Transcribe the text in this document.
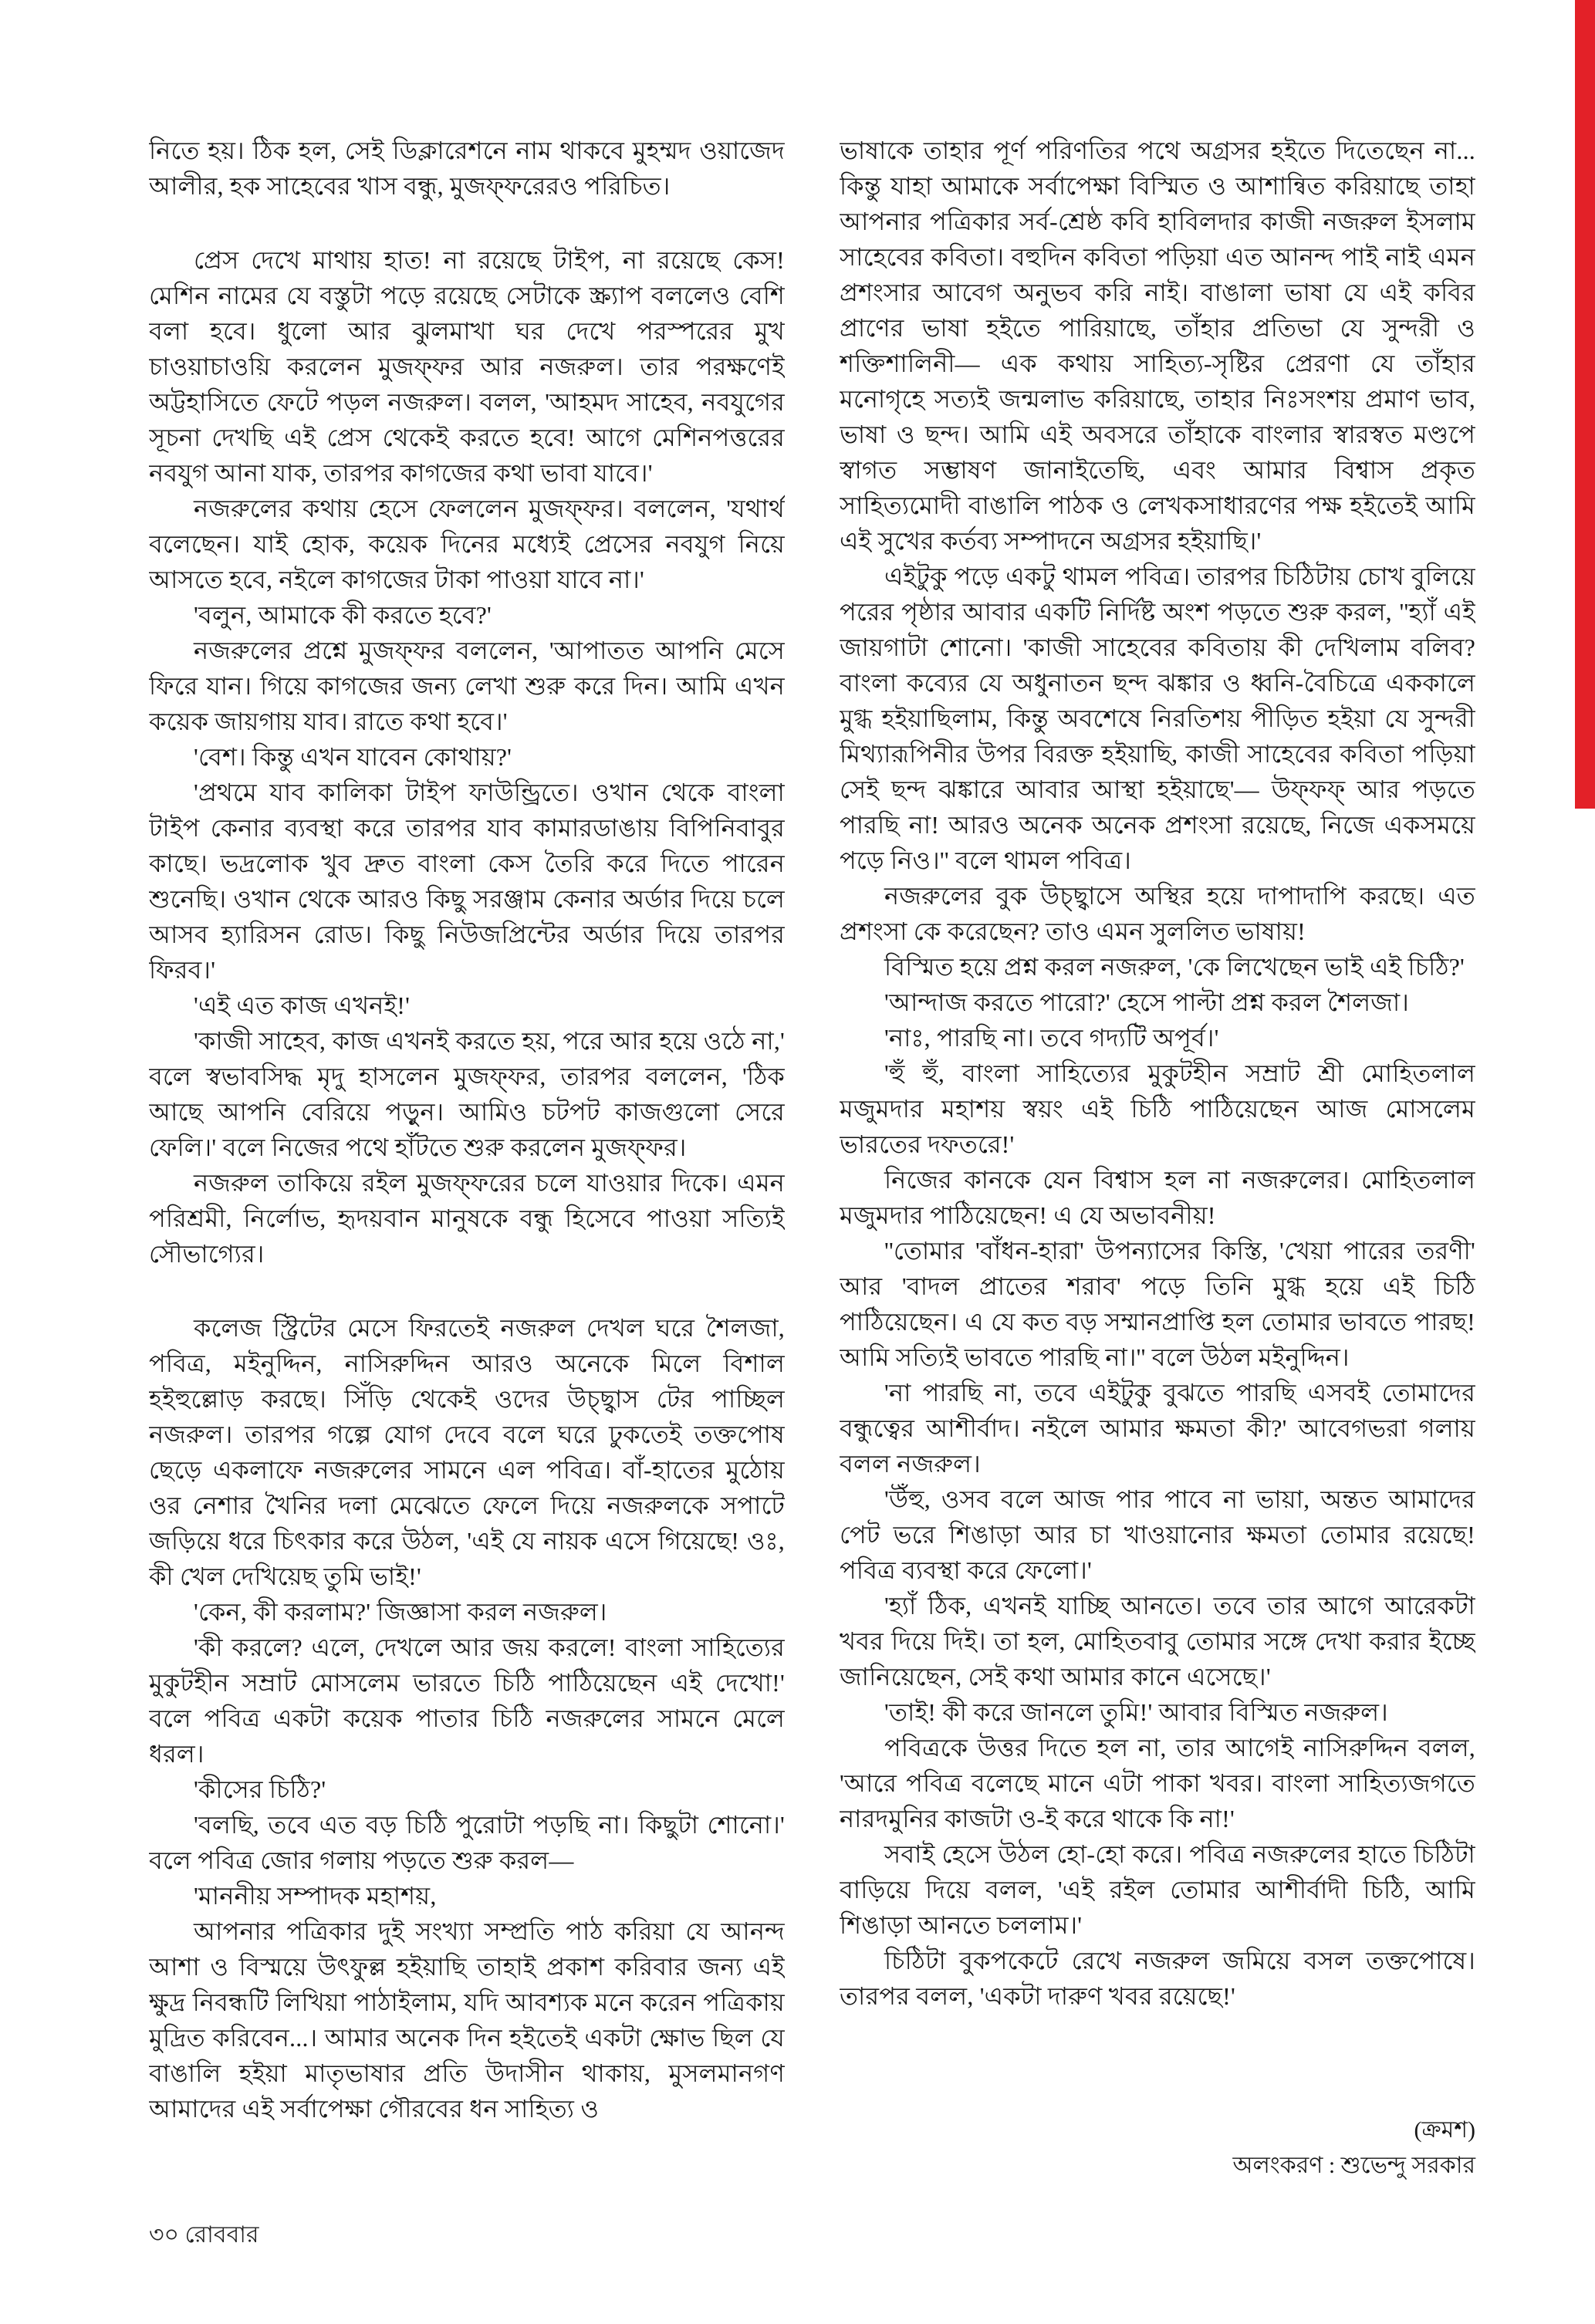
নিতে হয়। ঠিক হল, সেই ডিক্লারেশনে নাম থাকবে মুহম্মদ ওয়াজেদ আলীর, হক সাহেবের খাস বন্ধু, মুজফ্ফরেরও পরিচিত।

প্রেস দেখে মাথায় হাত! না রয়েছে টাইপ, না রয়েছে কেস! মেশিন নামের যে বস্তুটা পড়ে রয়েছে সেটাকে স্ক্র্যাপ বললেও বেশি বলা হবে। ধুলো আর ঝুলমাখা ঘর দেখে পরস্পরের মুখ চাওয়াচাওয়ি করলেন মুজফ্ফর আর নজরুল। তার পরক্ষণেই অট্টহাসিতে ফেটে পড়ল নজরুল। বলল, 'আহমদ সাহেব, নবযুগের সূচনা দেখছি এই প্রেস থেকেই করতে হবে! আগে মেশিনপত্তরের নবযুগ আনা যাক, তারপর কাগজের কথা ভাবা যাবে।'

নজরুলের কথায় হেসে ফেললেন মুজফ্ফর। বললেন, 'যথার্থ বলেছেন। যাই হোক, কয়েক দিনের মধ্যেই প্রেসের নবযুগ নিয়ে আসতে হবে, নইলে কাগজের টাকা পাওয়া যাবে না।'

'বলুন, আমাকে কী করতে হবে?'

নজরুলের প্রশ্নে মুজফ্ফর বললেন, 'আপাতত আপনি মেসে ফিরে যান। গিয়ে কাগজের জন্য লেখা শুরু করে দিন। আমি এখন কয়েক জায়গায় যাব। রাতে কথা হবে।'

'বেশ। কিন্তু এখন যাবেন কোথায়?'

'প্রথমে যাব কালিকা টাইপ ফাউন্ড্রিতে। ওখান থেকে বাংলা টাইপ কেনার ব্যবস্থা করে তারপর যাব কামারডাঙায় বিপিনিবাবুর কাছে। ভদ্রলোক খুব দ্রুত বাংলা কেস তৈরি করে দিতে পারেন শুনেছি। ওখান থেকে আরও কিছু সরঞ্জাম কেনার অর্ডার দিয়ে চলে আসব হ্যারিসন রোড। কিছু নিউজপ্রিন্টের অর্ডার দিয়ে তারপর ফিরব।'

'এই এত কাজ এখনই!'

'কাজী সাহেব, কাজ এখনই করতে হয়, পরে আর হয়ে ওঠে না,' বলে স্বভাবসিদ্ধ মৃদু হাসলেন মুজফ্ফর, তারপর বললেন, 'ঠিক আছে আপনি বেরিয়ে পড়ুন। আমিও চটপট কাজগুলো সেরে ফেলি।' বলে নিজের পথে হাঁটতে শুরু করলেন মুজফ্ফর।

নজরুল তাকিয়ে রইল মুজফ্ফরের চলে যাওয়ার দিকে। এমন পরিশ্রমী, নির্লোভ, হৃদয়বান মানুষকে বন্ধু হিসেবে পাওয়া সত্যিই সৌভাগ্যের।

কলেজ স্ট্রিটের মেসে ফিরতেই নজরুল দেখল ঘরে শৈলজা, পবিত্র, মইনুদ্দিন, নাসিরুদ্দিন আরও অনেকে মিলে বিশাল হইহুল্লোড় করছে। সিঁড়ি থেকেই ওদের উচ্ছ্বাস টের পাচ্ছিল নজরুল। তারপর গল্পে যোগ দেবে বলে ঘরে ঢুকতেই তক্তপোষ ছেড়ে একলাফে নজরুলের সামনে এল পবিত্র। বাঁ-হাতের মুঠোয় ওর নেশার খৈনির দলা মেঝেতে ফেলে দিয়ে নজরুলকে সপাটে জড়িয়ে ধরে চিৎকার করে উঠল, 'এই যে নায়ক এসে গিয়েছে! ওঃ, কী খেল দেখিয়েছ তুমি ভাই!'

'কেন, কী করলাম?' জিজ্ঞাসা করল নজরুল।

'কী করলে? এলে, দেখলে আর জয় করলে! বাংলা সাহিত্যের মুকুটহীন সম্রাট মোসলেম ভারতে চিঠি পাঠিয়েছেন এই দেখো!' বলে পবিত্র একটা কয়েক পাতার চিঠি নজরুলের সামনে মেলে ধরল।

'কীসের চিঠি?'

'বলছি, তবে এত বড় চিঠি পুরোটা পড়ছি না। কিছুটা শোনো।' বলে পবিত্র জোর গলায় পড়তে শুরু করল—

'মাননীয় সম্পাদক মহাশয়,

আপনার পত্রিকার দুই সংখ্যা সম্প্রতি পাঠ করিয়া যে আনন্দ আশা ও বিস্ময়ে উৎফুল্ল হইয়াছি তাহাই প্রকাশ করিবার জন্য এই ক্ষুদ্র নিবন্ধটি লিখিয়া পাঠাইলাম, যদি আবশ্যক মনে করেন পত্রিকায় মুদ্রিত করিবেন...। আমার অনেক দিন হইতেই একটা ক্ষোভ ছিল যে বাঙালি হইয়া মাতৃভাষার প্রতি উদাসীন থাকায়, মুসলমানগণ আমাদের এই সর্বাপেক্ষা গৌরবের ধন সাহিত্য ও

ভাষাকে তাহার পূর্ণ পরিণতির পথে অগ্রসর হইতে দিতেছেন না... কিন্তু যাহা আমাকে সর্বাপেক্ষা বিস্মিত ও আশান্বিত করিয়াছে তাহা আপনার পত্রিকার সর্ব-শ্রেষ্ঠ কবি হাবিলদার কাজী নজরুল ইসলাম সাহেবের কবিতা। বহুদিন কবিতা পড়িয়া এত আনন্দ পাই নাই এমন প্রশংসার আবেগ অনুভব করি নাই। বাঙালা ভাষা যে এই কবির প্রাণের ভাষা হইতে পারিয়াছে, তাঁহার প্রতিভা যে সুন্দরী ও শক্তিশালিনী— এক কথায় সাহিত্য-সৃষ্টির প্রেরণা যে তাঁহার মনোগৃহে সত্যই জন্মলাভ করিয়াছে, তাহার নিঃসংশয় প্রমাণ ভাব, ভাষা ও ছন্দ। আমি এই অবসরে তাঁহাকে বাংলার স্বারস্বত মণ্ডপে স্বাগত সম্ভাষণ জানাইতেছি, এবং আমার বিশ্বাস প্রকৃত সাহিত্যমোদী বাঙালি পাঠক ও লেখকসাধারণের পক্ষ হইতেই আমি এই সুখের কর্তব্য সম্পাদনে অগ্রসর হইয়াছি।'

এইটুকু পড়ে একটু থামল পবিত্র। তারপর চিঠিটায় চোখ বুলিয়ে পরের পৃষ্ঠার আবার একটি নির্দিষ্ট অংশ পড়তে শুরু করল, ''হ্যাঁ এই জায়গাটা শোনো। 'কাজী সাহেবের কবিতায় কী দেখিলাম বলিব? বাংলা কব্যের যে অধুনাতন ছন্দ ঝঙ্কার ও ধ্বনি-বৈচিত্রে এককালে মুগ্ধ হইয়াছিলাম, কিন্তু অবশেষে নিরতিশয় পীড়িত হইয়া যে সুন্দরী মিথ্যারূপিনীর উপর বিরক্ত হইয়াছি, কাজী সাহেবের কবিতা পড়িয়া সেই ছন্দ ঝঙ্কারে আবার আস্থা হইয়াছে'— উফ্ফফ্ আর পড়তে পারছি না! আরও অনেক অনেক প্রশংসা রয়েছে, নিজে একসময়ে পড়ে নিও।'' বলে থামল পবিত্র।

নজরুলের বুক উচ্ছ্বাসে অস্থির হয়ে দাপাদাপি করছে। এত প্রশংসা কে করেছেন? তাও এমন সুললিত ভাষায়!

বিস্মিত হয়ে প্রশ্ন করল নজরুল, 'কে লিখেছেন ভাই এই চিঠি?'

'আন্দাজ করতে পারো?' হেসে পাল্টা প্রশ্ন করল শৈলজা।

'নাঃ, পারছি না। তবে গদ্যটি অপূর্ব।'

'হুঁ হুঁ, বাংলা সাহিত্যের মুকুটহীন সম্রাট শ্রী মোহিতলাল মজুমদার মহাশয় স্বয়ং এই চিঠি পাঠিয়েছেন আজ মোসলেম ভারতের দফতরে!'

নিজের কানকে যেন বিশ্বাস হল না নজরুলের। মোহিতলাল মজুমদার পাঠিয়েছেন! এ যে অভাবনীয়!

''তোমার 'বাঁধন-হারা' উপন্যাসের কিস্তি, 'খেয়া পারের তরণী' আর 'বাদল প্রাতের শরাব' পড়ে তিনি মুগ্ধ হয়ে এই চিঠি পাঠিয়েছেন। এ যে কত বড় সম্মানপ্রাপ্তি হল তোমার ভাবতে পারছ! আমি সত্যিই ভাবতে পারছি না।'' বলে উঠল মইনুদ্দিন।

'না পারছি না, তবে এইটুকু বুঝতে পারছি এসবই তোমাদের বন্ধুত্বের আশীর্বাদ। নইলে আমার ক্ষমতা কী?' আবেগভরা গলায় বলল নজরুল।

'উঁহু, ওসব বলে আজ পার পাবে না ভায়া, অন্তত আমাদের পেট ভরে শিঙাড়া আর চা খাওয়ানোর ক্ষমতা তোমার রয়েছে! পবিত্র ব্যবস্থা করে ফেলো।'

'হ্যাঁ ঠিক, এখনই যাচ্ছি আনতে। তবে তার আগে আরেকটা খবর দিয়ে দিই। তা হল, মোহিতবাবু তোমার সঙ্গে দেখা করার ইচ্ছে জানিয়েছেন, সেই কথা আমার কানে এসেছে।'

'তাই! কী করে জানলে তুমি!' আবার বিস্মিত নজরুল।

পবিত্রকে উত্তর দিতে হল না, তার আগেই নাসিরুদ্দিন বলল, 'আরে পবিত্র বলেছে মানে এটা পাকা খবর। বাংলা সাহিত্যজগতে নারদমুনির কাজটা ও-ই করে থাকে কি না!'

সবাই হেসে উঠল হো-হো করে। পবিত্র নজরুলের হাতে চিঠিটা বাড়িয়ে দিয়ে বলল, 'এই রইল তোমার আশীর্বাদী চিঠি, আমি শিঙাড়া আনতে চললাম।'

চিঠিটা বুকপকেটে রেখে নজরুল জমিয়ে বসল তক্তপোষে। তারপর বলল, 'একটা দারুণ খবর রয়েছে!'

(ক্রমশ)
অলংকরণ : শুভেন্দু সরকার
৩০ রোববার
